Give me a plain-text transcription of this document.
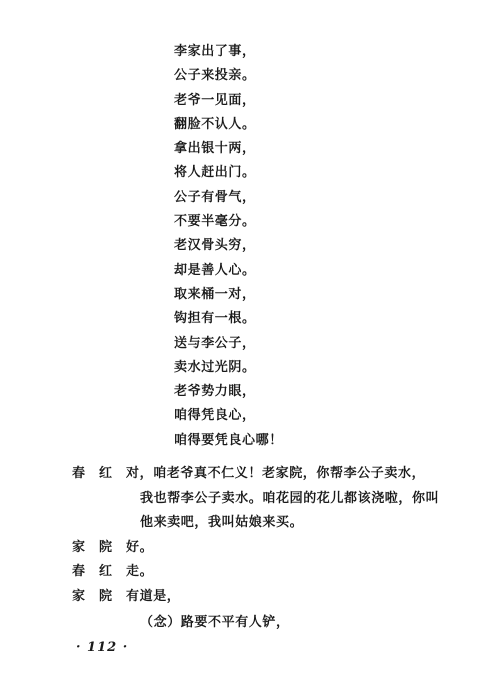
李家出了事，
公子来投亲。
老爷一见面，
翻脸不认人。
拿出银十两，
将人赶出门。
公子有骨气，
不要半毫分。
老汉骨头穷，
却是善人心。
取来桶一对，
钩担有一根。
送与李公子，
卖水过光阴。
老爷势力眼，
咱得凭良心，
咱得要凭良心哪！
春红 对，咱老爷真不仁义！老家院，你帮李公子卖水，
我也帮李公子卖水。咱花园的花儿都该浇啦，你叫
他来卖吧，我叫姑娘来买。
家院 好。
春红 走。
家院 有道是，
（念）路要不平有人铲，
· 112 ·
